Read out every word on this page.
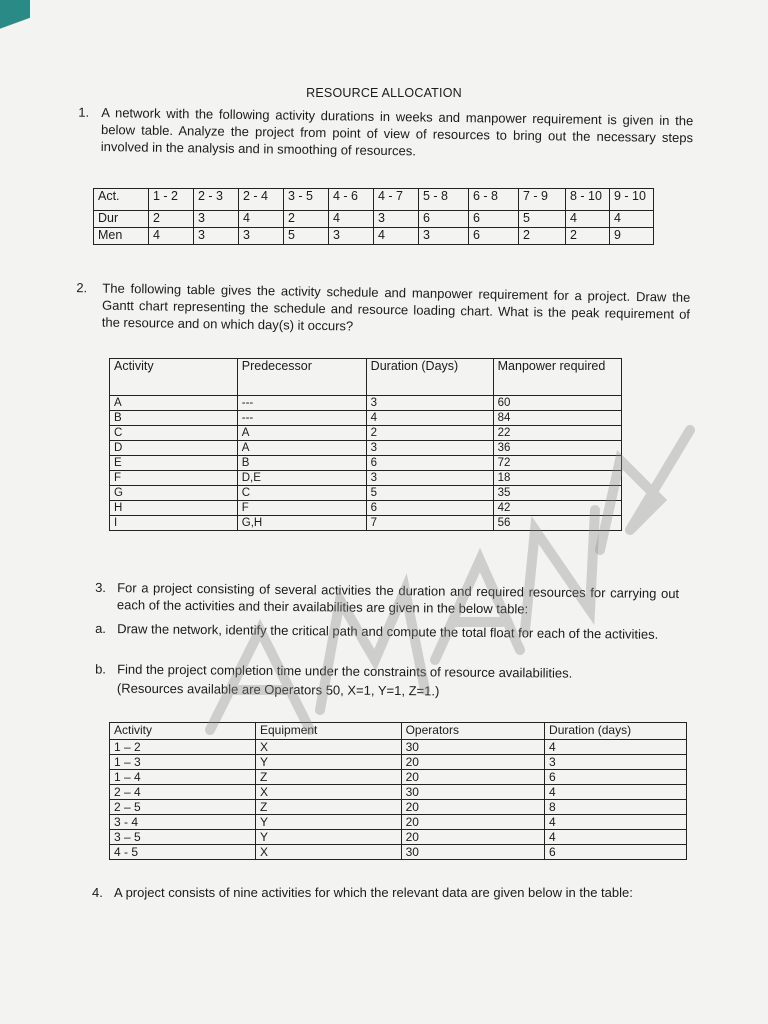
RESOURCE ALLOCATION
1. A network with the following activity durations in weeks and manpower requirement is given in the below table. Analyze the project from point of view of resources to bring out the necessary steps involved in the analysis and in smoothing of resources.
Act.	1 - 2	2 - 3	2 - 4	3 - 5	4 - 6	4 - 7	5 - 8	6 - 8	7 - 9	8 - 10	9 - 10
Dur	2	3	4	2	4	3	6	6	5	4	4
Men	4	3	3	5	3	4	3	6	2	2	9
2. The following table gives the activity schedule and manpower requirement for a project. Draw the Gantt chart representing the schedule and resource loading chart. What is the peak requirement of the resource and on which day(s) it occurs?
Activity	Predecessor	Duration (Days)	Manpower required
A	---	3	60
B	---	4	84
C	A	2	22
D	A	3	36
E	B	6	72
F	D,E	3	18
G	C	5	35
H	F	6	42
I	G,H	7	56
3. For a project consisting of several activities the duration and required resources for carrying out each of the activities and their availabilities are given in the below table:
a. Draw the network, identify the critical path and compute the total float for each of the activities.
b. Find the project completion time under the constraints of resource availabilities.
(Resources available are Operators 50, X=1, Y=1, Z=1.)
Activity	Equipment	Operators	Duration (days)
1 – 2	X	30	4
1 – 3	Y	20	3
1 – 4	Z	20	6
2 – 4	X	30	4
2 – 5	Z	20	8
3 - 4	Y	20	4
3 – 5	Y	20	4
4 - 5	X	30	6
4. A project consists of nine activities for which the relevant data are given below in the table:
